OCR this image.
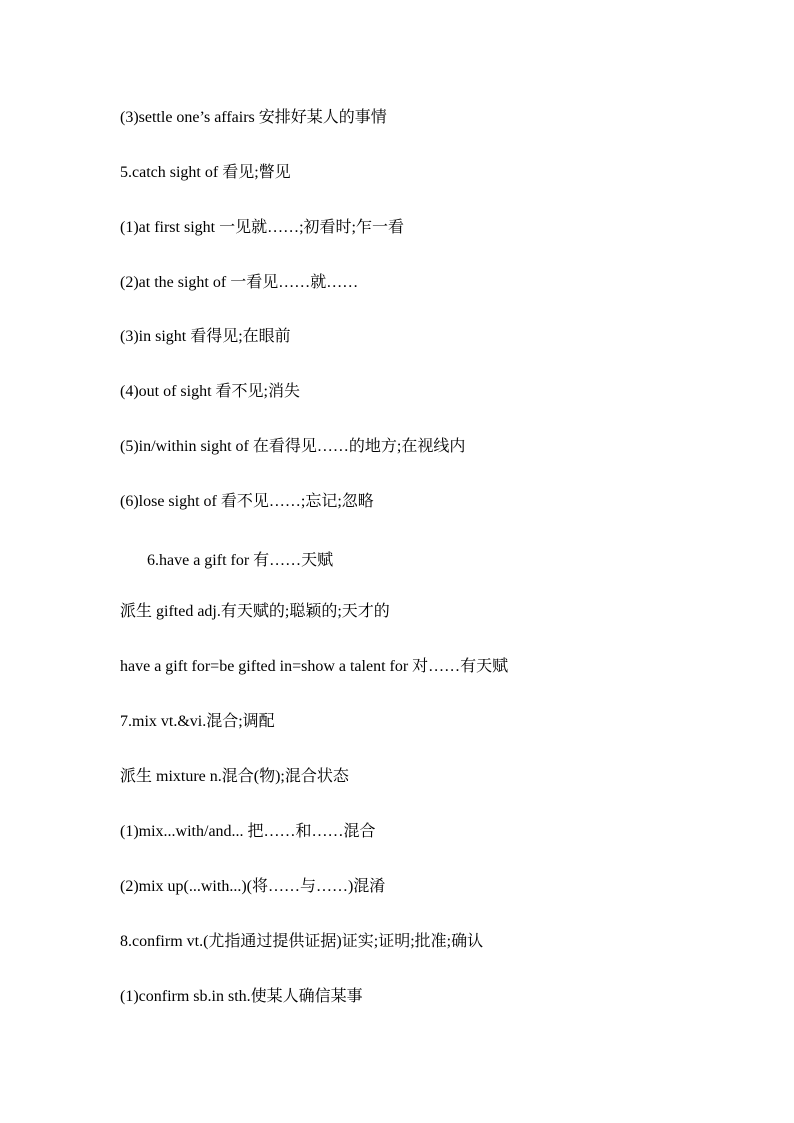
(3)settle one’s affairs 安排好某人的事情
5.catch sight of 看见;瞥见
(1)at first sight 一见就……;初看时;乍一看
(2)at the sight of 一看见……就……
(3)in sight 看得见;在眼前
(4)out of sight 看不见;消失
(5)in/within sight of 在看得见……的地方;在视线内
(6)lose sight of 看不见……;忘记;忽略
6.have a gift for 有……天赋
派生 gifted adj.有天赋的;聪颖的;天才的
have a gift for=be gifted in=show a talent for 对……有天赋
7.mix vt.&vi.混合;调配
派生 mixture n.混合(物);混合状态
(1)mix...with/and... 把……和……混合
(2)mix up(...with...)(将……与……)混淆
8.confirm vt.(尤指通过提供证据)证实;证明;批准;确认
(1)confirm sb.in sth.使某人确信某事
